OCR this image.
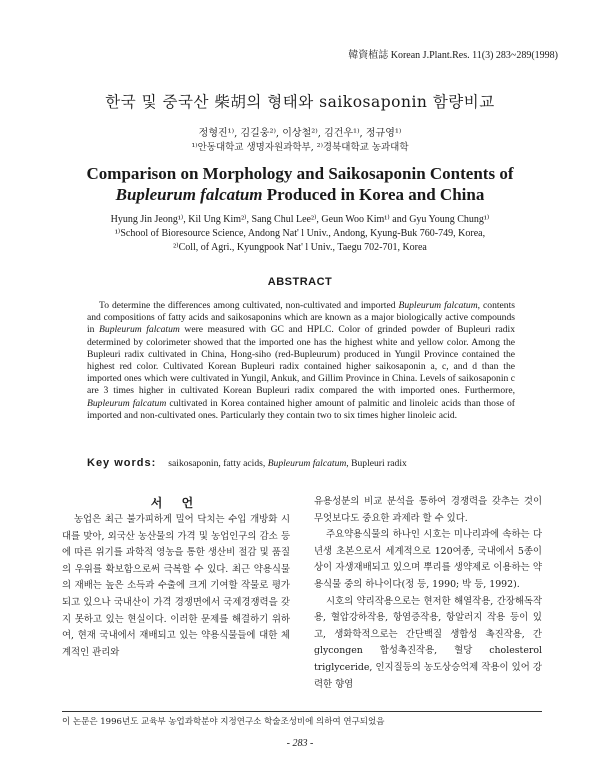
韓資植誌 Korean J.Plant.Res. 11(3) 283~289(1998)
한국 및 중국산 柴胡의 형태와 saikosaponin 함량비교
정형진¹⁾, 김길웅²⁾, 이상철²⁾, 김건우¹⁾, 정규영¹⁾
¹⁾안동대학교 생명자원과학부, ²⁾경북대학교 농과대학
Comparison on Morphology and Saikosaponin Contents of
Bupleurum falcatum Produced in Korea and China
Hyung Jin Jeong¹⁾, Kil Ung Kim²⁾, Sang Chul Lee²⁾, Geun Woo Kim¹⁾ and Gyu Young Chung¹⁾
¹⁾School of Bioresource Science, Andong Nat' l Univ., Andong, Kyung-Buk 760-749, Korea,
²⁾Coll, of Agri., Kyungpook Nat' l Univ., Taegu 702-701, Korea
ABSTRACT
To determine the differences among cultivated, non-cultivated and imported Bupleurum falcatum, contents and compositions of fatty acids and saikosaponins which are known as a major biologically active compounds in Bupleurum falcatum were measured with GC and HPLC. Color of grinded powder of Bupleuri radix determined by colorimeter showed that the imported one has the highest white and yellow color. Among the Bupleuri radix cultivated in China, Hong-siho (red-Bupleurum) produced in Yungil Province contained the highest red color. Cultivated Korean Bupleuri radix contained higher saikosaponin a, c, and d than the imported ones which were cultivated in Yungil, Ankuk, and Gillim Province in China. Levels of saikosaponin c are 3 times higher in cultivated Korean Bupleuri radix compared the with imported ones. Furthermore, Bupleurum falcatum cultivated in Korea contained higher amount of palmitic and linoleic acids than those of imported and non-cultivated ones. Particularly they contain two to six times higher linoleic acid.
Key words: saikosaponin, fatty acids, Bupleurum falcatum, Bupleuri radix
서 언

농업은 최근 불가피하게 밀어 닥치는 수입 개방화 시대를 맞아, 외국산 농산물의 가격 및 농업인구의 감소 등에 따른 위기를 과학적 영농을 통한 생산비 절감 및 품질의 우위를 확보함으로써 극복할 수 있다. 최근 약용식물의 재배는 높은 소득과 수출에 크게 기여할 작물로 평가되고 있으나 국내산이 가격 경쟁면에서 국제경쟁력을 갖지 못하고 있는 현실이다. 이러한 문제를 해결하기 위하여, 현재 국내에서 재배되고 있는 약용식물들에 대한 체계적인 관리와

유용성분의 비교 분석을 통하여 경쟁력을 갖추는 것이 무엇보다도 중요한 과제라 할 수 있다.

주요약용식물의 하나인 시호는 미나리과에 속하는 다년생 초본으로서 세계적으로 120여종, 국내에서 5종이상이 자생재배되고 있으며 뿌리를 생약제로 이용하는 약용식물 중의 하나이다(정 등, 1990; 박 등, 1992).

시호의 약리작용으로는 현저한 해열작용, 간장해독작용, 혈압강하작용, 항염증작용, 항알러지 작용 등이 있고, 생화학적으로는 간단백질 생합성 촉진작용, 간 glycongen 합성촉진작용, 혈당 cholesterol triglyceride, 인지질등의 농도상승억제 작용이 있어 강력한 향염

이 논문은 1996년도 교육부 농업과학분야 지정연구소 학술조성비에 의하여 연구되었음
- 283 -
